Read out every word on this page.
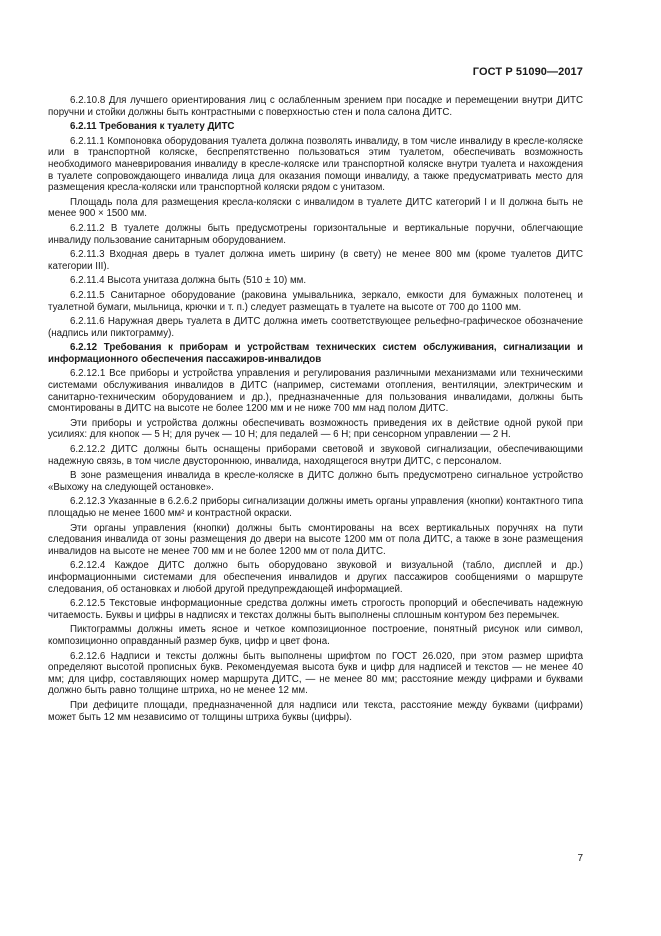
ГОСТ Р 51090—2017

6.2.10.8 Для лучшего ориентирования лиц с ослабленным зрением при посадке и перемещении внутри ДИТС поручни и стойки должны быть контрастными с поверхностью стен и пола салона ДИТС.

6.2.11 Требования к туалету ДИТС

6.2.11.1 Компоновка оборудования туалета должна позволять инвалиду, в том числе инвалиду в кресле-коляске или в транспортной коляске, беспрепятственно пользоваться этим туалетом, обеспечивать возможность необходимого маневрирования инвалиду в кресле-коляске или транспортной коляске внутри туалета и нахождения в туалете сопровождающего инвалида лица для оказания помощи инвалиду, а также предусматривать место для размещения кресла-коляски или транспортной коляски рядом с унитазом.

Площадь пола для размещения кресла-коляски с инвалидом в туалете ДИТС категорий I и II должна быть не менее 900 × 1500 мм.

6.2.11.2 В туалете должны быть предусмотрены горизонтальные и вертикальные поручни, облегчающие инвалиду пользование санитарным оборудованием.

6.2.11.3 Входная дверь в туалет должна иметь ширину (в свету) не менее 800 мм (кроме туалетов ДИТС категории III).

6.2.11.4 Высота унитаза должна быть (510 ± 10) мм.

6.2.11.5 Санитарное оборудование (раковина умывальника, зеркало, емкости для бумажных полотенец и туалетной бумаги, мыльница, крючки и т. п.) следует размещать в туалете на высоте от 700 до 1100 мм.

6.2.11.6 Наружная дверь туалета в ДИТС должна иметь соответствующее рельефно-графическое обозначение (надпись или пиктограмму).

6.2.12 Требования к приборам и устройствам технических систем обслуживания, сигнализации и информационного обеспечения пассажиров-инвалидов

6.2.12.1 Все приборы и устройства управления и регулирования различными механизмами или техническими системами обслуживания инвалидов в ДИТС (например, системами отопления, вентиляции, электрическим и санитарно-техническим оборудованием и др.), предназначенные для пользования инвалидами, должны быть смонтированы в ДИТС на высоте не более 1200 мм и не ниже 700 мм над полом ДИТС.

Эти приборы и устройства должны обеспечивать возможность приведения их в действие одной рукой при усилиях: для кнопок — 5 Н; для ручек — 10 Н; для педалей — 6 Н; при сенсорном управлении — 2 Н.

6.2.12.2 ДИТС должны быть оснащены приборами световой и звуковой сигнализации, обеспечивающими надежную связь, в том числе двустороннюю, инвалида, находящегося внутри ДИТС, с персоналом.

В зоне размещения инвалида в кресле-коляске в ДИТС должно быть предусмотрено сигнальное устройство «Выхожу на следующей остановке».

6.2.12.3 Указанные в 6.2.6.2 приборы сигнализации должны иметь органы управления (кнопки) контактного типа площадью не менее 1600 мм² и контрастной окраски.

Эти органы управления (кнопки) должны быть смонтированы на всех вертикальных поручнях на пути следования инвалида от зоны размещения до двери на высоте 1200 мм от пола ДИТС, а также в зоне размещения инвалидов на высоте не менее 700 мм и не более 1200 мм от пола ДИТС.

6.2.12.4 Каждое ДИТС должно быть оборудовано звуковой и визуальной (табло, дисплей и др.) информационными системами для обеспечения инвалидов и других пассажиров сообщениями о маршруте следования, об остановках и любой другой предупреждающей информацией.

6.2.12.5 Текстовые информационные средства должны иметь строгость пропорций и обеспечивать надежную читаемость. Буквы и цифры в надписях и текстах должны быть выполнены сплошным контуром без перемычек.

Пиктограммы должны иметь ясное и четкое композиционное построение, понятный рисунок или символ, композиционно оправданный размер букв, цифр и цвет фона.

6.2.12.6 Надписи и тексты должны быть выполнены шрифтом по ГОСТ 26.020, при этом размер шрифта определяют высотой прописных букв. Рекомендуемая высота букв и цифр для надписей и текстов — не менее 40 мм; для цифр, составляющих номер маршрута ДИТС, — не менее 80 мм; расстояние между цифрами и буквами должно быть равно толщине штриха, но не менее 12 мм.

При дефиците площади, предназначенной для надписи или текста, расстояние между буквами (цифрами) может быть 12 мм независимо от толщины штриха буквы (цифры).

7
